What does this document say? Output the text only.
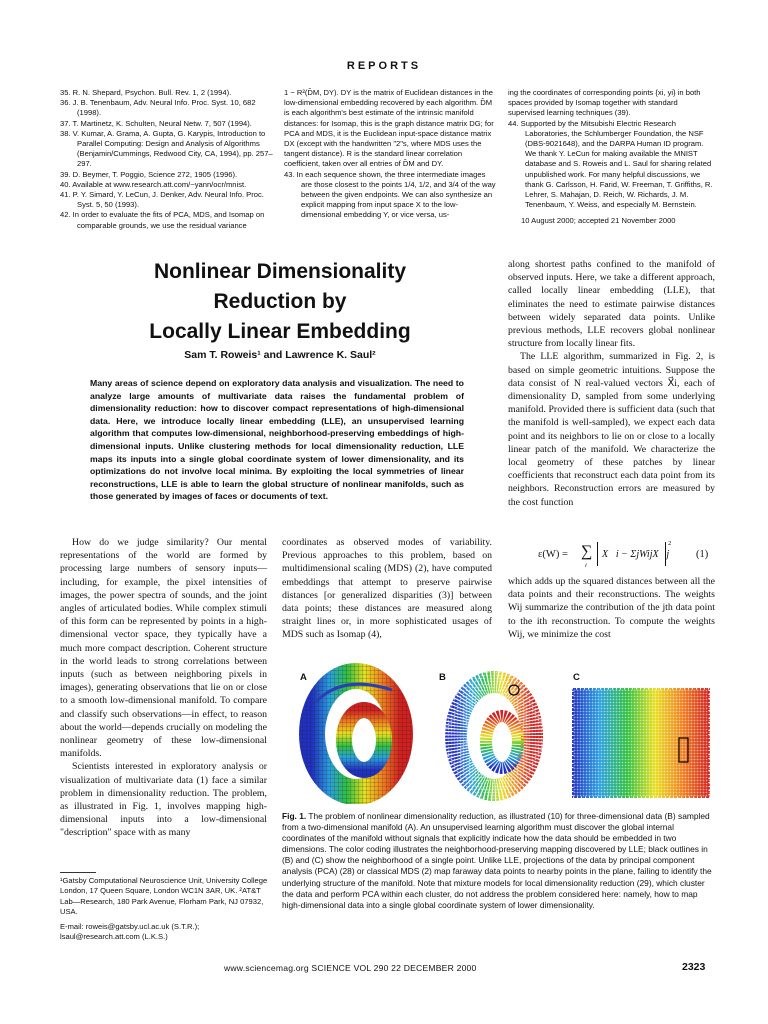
REPORTS

35. R. N. Shepard, Psychon. Bull. Rev. 1, 2 (1994).

36. J. B. Tenenbaum, Adv. Neural Info. Proc. Syst. 10, 682 (1998).

37. T. Martinetz, K. Schulten, Neural Netw. 7, 507 (1994).

38. V. Kumar, A. Grama, A. Gupta, G. Karypis, Introduction to Parallel Computing: Design and Analysis of Algorithms (Benjamin/Cummings, Redwood City, CA, 1994), pp. 257–297.

39. D. Beymer, T. Poggio, Science 272, 1905 (1996).

40. Available at www.research.att.com/~yann/ocr/mnist.

41. P. Y. Simard, Y. LeCun, J. Denker, Adv. Neural Info. Proc. Syst. 5, 50 (1993).

42. In order to evaluate the fits of PCA, MDS, and Isomap on comparable grounds, we use the residual variance

1 − R²(D̂M, DY). DY is the matrix of Euclidean distances in the low-dimensional embedding recovered by each algorithm. D̂M is each algorithm's best estimate of the intrinsic manifold distances: for Isomap, this is the graph distance matrix DG; for PCA and MDS, it is the Euclidean input-space distance matrix DX (except with the handwritten "2"s, where MDS uses the tangent distance). R is the standard linear correlation coefficient, taken over all entries of D̂M and DY.

43. In each sequence shown, the three intermediate images are those closest to the points 1/4, 1/2, and 3/4 of the way between the given endpoints. We can also synthesize an explicit mapping from input space X to the low-dimensional embedding Y, or vice versa, us-

ing the coordinates of corresponding points {xi, yi} in both spaces provided by Isomap together with standard supervised learning techniques (39).

44. Supported by the Mitsubishi Electric Research Laboratories, the Schlumberger Foundation, the NSF (DBS-9021648), and the DARPA Human ID program. We thank Y. LeCun for making available the MNIST database and S. Roweis and L. Saul for sharing related unpublished work. For many helpful discussions, we thank G. Carlsson, H. Farid, W. Freeman, T. Griffiths, R. Lehrer, S. Mahajan, D. Reich, W. Richards, J. M. Tenenbaum, Y. Weiss, and especially M. Bernstein.

10 August 2000; accepted 21 November 2000

Nonlinear Dimensionality
Reduction by
Locally Linear Embedding
Sam T. Roweis¹ and Lawrence K. Saul²
Many areas of science depend on exploratory data analysis and visualization. The need to analyze large amounts of multivariate data raises the fundamental problem of dimensionality reduction: how to discover compact representations of high-dimensional data. Here, we introduce locally linear embedding (LLE), an unsupervised learning algorithm that computes low-dimensional, neighborhood-preserving embeddings of high-dimensional inputs. Unlike clustering methods for local dimensionality reduction, LLE maps its inputs into a single global coordinate system of lower dimensionality, and its optimizations do not involve local minima. By exploiting the local symmetries of linear reconstructions, LLE is able to learn the global structure of nonlinear manifolds, such as those generated by images of faces or documents of text.

How do we judge similarity? Our mental representations of the world are formed by processing large numbers of sensory inputs—including, for example, the pixel intensities of images, the power spectra of sounds, and the joint angles of articulated bodies. While complex stimuli of this form can be represented by points in a high-dimensional vector space, they typically have a much more compact description. Coherent structure in the world leads to strong correlations between inputs (such as between neighboring pixels in images), generating observations that lie on or close to a smooth low-dimensional manifold. To compare and classify such observations—in effect, to reason about the world—depends crucially on modeling the nonlinear geometry of these low-dimensional manifolds.

Scientists interested in exploratory analysis or visualization of multivariate data (1) face a similar problem in dimensionality reduction. The problem, as illustrated in Fig. 1, involves mapping high-dimensional inputs into a low-dimensional "description" space with as many

¹Gatsby Computational Neuroscience Unit, University College London, 17 Queen Square, London WC1N 3AR, UK. ²AT&T Lab—Research, 180 Park Avenue, Florham Park, NJ 07932, USA.

E-mail: roweis@gatsby.ucl.ac.uk (S.T.R.); lsaul@research.att.com (L.K.S.)

coordinates as observed modes of variability. Previous approaches to this problem, based on multidimensional scaling (MDS) (2), have computed embeddings that attempt to preserve pairwise distances [or generalized disparities (3)] between data points; these distances are measured along straight lines or, in more sophisticated usages of MDS such as Isomap (4),

along shortest paths confined to the manifold of observed inputs. Here, we take a different approach, called locally linear embedding (LLE), that eliminates the need to estimate pairwise distances between widely separated data points. Unlike previous methods, LLE recovers global nonlinear structure from locally linear fits.

The LLE algorithm, summarized in Fig. 2, is based on simple geometric intuitions. Suppose the data consist of N real-valued vectors X⃗i, each of dimensionality D, sampled from some underlying manifold. Provided there is sufficient data (such that the manifold is well-sampled), we expect each data point and its neighbors to lie on or close to a locally linear patch of the manifold. We characterize the local geometry of these patches by linear coefficients that reconstruct each data point from its neighbors. Reconstruction errors are measured by the cost function

ε(W) = ∑
i
X⃗i − ΣjWijX⃗j
2
(1)

which adds up the squared distances between all the data points and their reconstructions. The weights Wij summarize the contribution of the jth data point to the ith reconstruction. To compute the weights Wij, we minimize the cost

A	B	C
Fig. 1. The problem of nonlinear dimensionality reduction, as illustrated (10) for three-dimensional data (B) sampled from a two-dimensional manifold (A). An unsupervised learning algorithm must discover the global internal coordinates of the manifold without signals that explicitly indicate how the data should be embedded in two dimensions. The color coding illustrates the neighborhood-preserving mapping discovered by LLE; black outlines in (B) and (C) show the neighborhood of a single point. Unlike LLE, projections of the data by principal component analysis (PCA) (28) or classical MDS (2) map faraway data points to nearby points in the plane, failing to identify the underlying structure of the manifold. Note that mixture models for local dimensionality reduction (29), which cluster the data and perform PCA within each cluster, do not address the problem considered here: namely, how to map high-dimensional data into a single global coordinate system of lower dimensionality.
www.sciencemag.org SCIENCE VOL 290 22 DECEMBER 2000	2323
